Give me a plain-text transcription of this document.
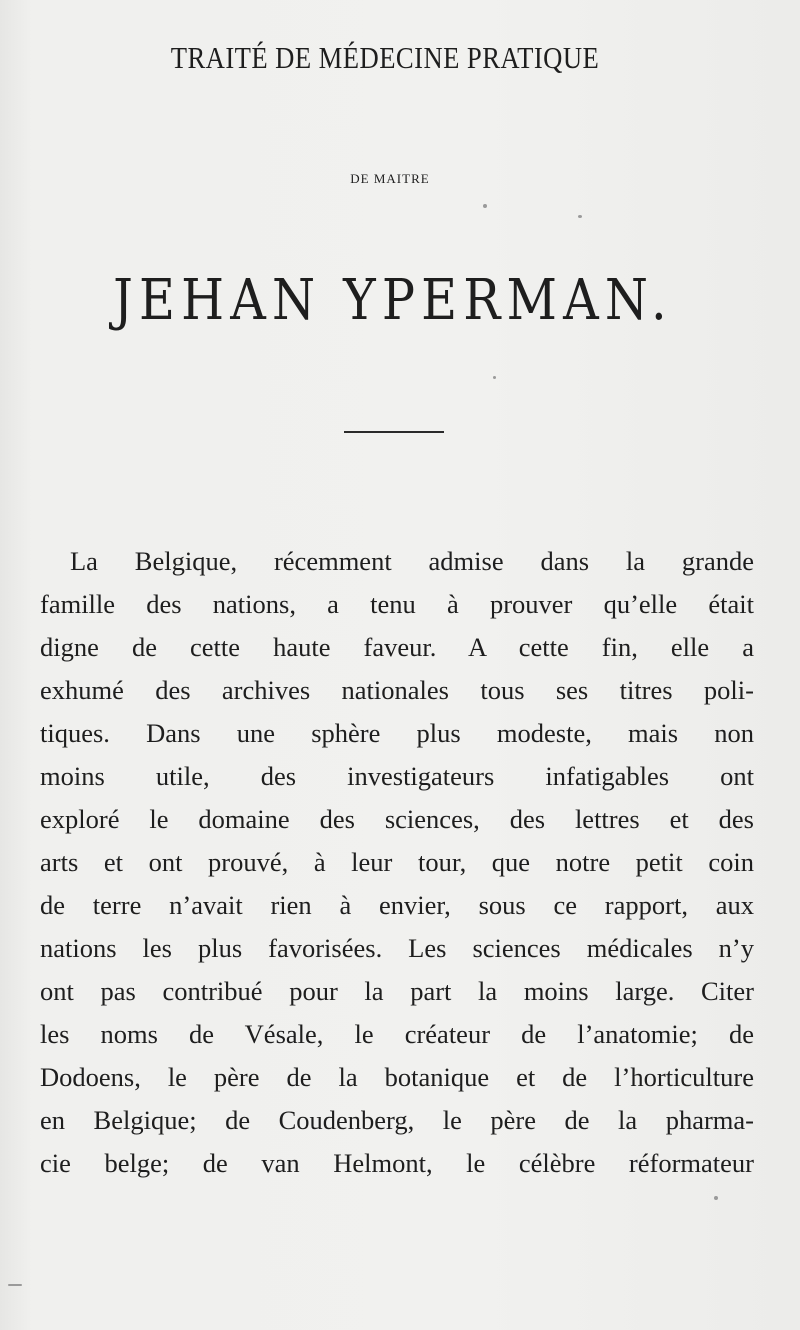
TRAITÉ DE MÉDECINE PRATIQUE
DE MAITRE
JEHAN YPERMAN.
La Belgique, récemment admise dans la grande
famille des nations, a tenu à prouver qu’elle était
digne de cette haute faveur. A cette fin, elle a
exhumé des archives nationales tous ses titres poli-
tiques. Dans une sphère plus modeste, mais non
moins utile, des investigateurs infatigables ont
exploré le domaine des sciences, des lettres et des
arts et ont prouvé, à leur tour, que notre petit coin
de terre n’avait rien à envier, sous ce rapport, aux
nations les plus favorisées. Les sciences médicales n’y
ont pas contribué pour la part la moins large. Citer
les noms de Vésale, le créateur de l’anatomie; de
Dodoens, le père de la botanique et de l’horticulture
en Belgique; de Coudenberg, le père de la pharma-
cie belge; de van Helmont, le célèbre réformateur
